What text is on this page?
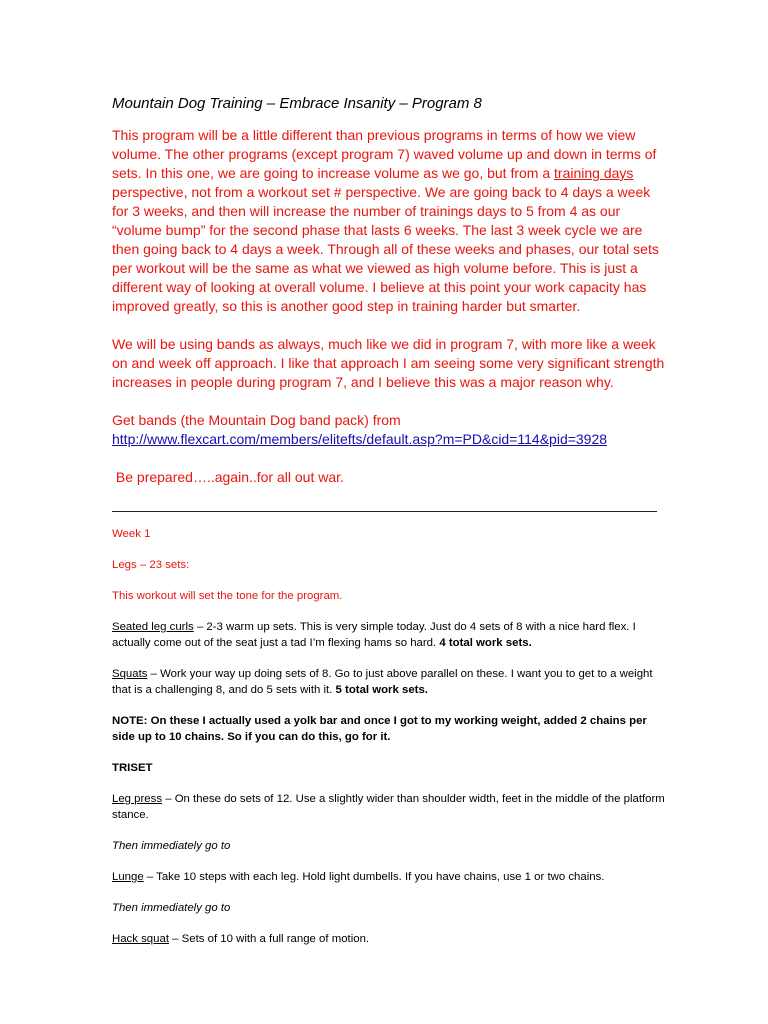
Mountain Dog Training – Embrace Insanity – Program 8

This program will be a little different than previous programs in terms of how we view volume. The other programs (except program 7) waved volume up and down in terms of sets. In this one, we are going to increase volume as we go, but from a training days perspective, not from a workout set # perspective. We are going back to 4 days a week for 3 weeks, and then will increase the number of trainings days to 5 from 4 as our “volume bump” for the second phase that lasts 6 weeks. The last 3 week cycle we are then going back to 4 days a week. Through all of these weeks and phases, our total sets per workout will be the same as what we viewed as high volume before. This is just a different way of looking at overall volume. I believe at this point your work capacity has improved greatly, so this is another good step in training harder but smarter.

We will be using bands as always, much like we did in program 7, with more like a week on and week off approach. I like that approach I am seeing some very significant strength increases in people during program 7, and I believe this was a major reason why.

Get bands (the Mountain Dog band pack) from

http://www.flexcart.com/members/elitefts/default.asp?m=PD&cid=114&pid=3928

Be prepared…..again..for all out war.

Week 1

Legs – 23 sets:

This workout will set the tone for the program.

Seated leg curls – 2-3 warm up sets. This is very simple today. Just do 4 sets of 8 with a nice hard flex. I actually come out of the seat just a tad I’m flexing hams so hard. 4 total work sets.

Squats – Work your way up doing sets of 8. Go to just above parallel on these. I want you to get to a weight that is a challenging 8, and do 5 sets with it. 5 total work sets.

NOTE: On these I actually used a yolk bar and once I got to my working weight, added 2 chains per side up to 10 chains. So if you can do this, go for it.

TRISET

Leg press – On these do sets of 12. Use a slightly wider than shoulder width, feet in the middle of the platform stance.

Then immediately go to

Lunge – Take 10 steps with each leg. Hold light dumbells. If you have chains, use 1 or two chains.

Then immediately go to

Hack squat – Sets of 10 with a full range of motion.
